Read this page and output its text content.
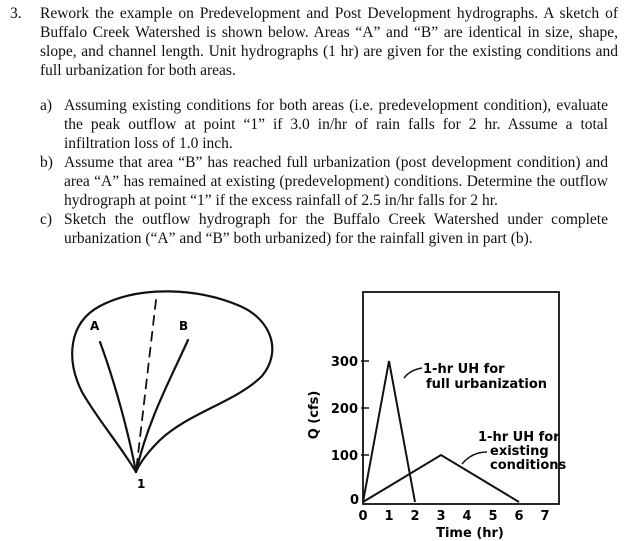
3. Rework the example on Predevelopment and Post Development hydrographs. A sketch of Buffalo Creek Watershed is shown below. Areas “A” and “B” are identical in size, shape, slope, and channel length. Unit hydrographs (1 hr) are given for the existing conditions and full urbanization for both areas.
a) Assuming existing conditions for both areas (i.e. predevelopment condition), evaluate the peak outflow at point “1” if 3.0 in/hr of rain falls for 2 hr. Assume a total infiltration loss of 1.0 inch.
b) Assume that area “B” has reached full urbanization (post development condition) and area “A” has remained at existing (predevelopment) conditions. Determine the outflow hydrograph at point “1” if the excess rainfall of 2.5 in/hr falls for 2 hr.
c) Sketch the outflow hydrograph for the Buffalo Creek Watershed under complete urbanization (“A” and “B” both urbanized) for the rainfall given in part (b).
A	B
1
Q (cfs)
Time (hr)
1-hr UH for
full urbanization
1-hr UH for
existing
conditions
0
100
200
300
0 1 2 3 4 5 6 7
